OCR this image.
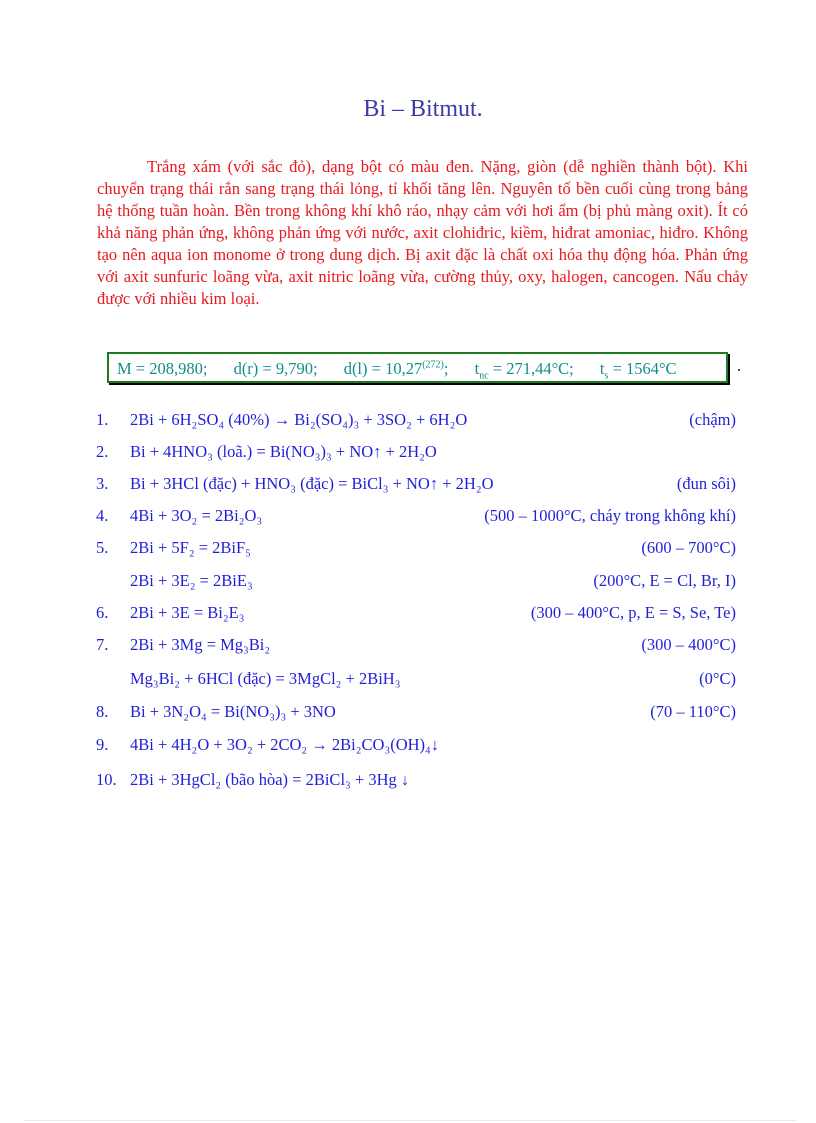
Bi – Bitmut.

Trắng xám (với sắc đỏ), dạng bột có màu đen. Nặng, giòn (dễ nghiền thành bột). Khi chuyển trạng thái rắn sang trạng thái lỏng, tỉ khối tăng lên. Nguyên tố bền cuối cùng trong bảng hệ thống tuần hoàn. Bền trong không khí khô ráo, nhạy cảm với hơi ẩm (bị phủ màng oxit). Ít có khả năng phản ứng, không phản ứng với nước, axit clohiđric, kiềm, hiđrat amoniac, hiđro. Không tạo nên aqua ion monome ở trong dung dịch. Bị axit đặc là chất oxi hóa thụ động hóa. Phản ứng với axit sunfuric loãng vừa, axit nitric loãng vừa, cường thủy, oxy, halogen, cancogen. Nấu chảy được với nhiều kim loại.

M = 208,980; d(r) = 9,790; $d(l) = 10,27^{(272)}$; $t_{nc} = 271,44^\circ C$; $t_s = 1564^\circ C$	.
1. 2Bi + 6H₂SO₄ (40%) → Bi₂(SO₄)₃ + 3SO₂ + 6H₂O	(chậm)
2. Bi + 4HNO₃ (loã.) = Bi(NO₃)₃ + NO↑ + 2H₂O
3. Bi + 3HCl (đặc) + HNO₃ (đặc) = BiCl₃ + NO↑ + 2H₂O	(đun sôi)
4. 4Bi + 3O₂ = 2Bi₂O₃	(500 – 1000°C, cháy trong không khí)
5. 2Bi + 5F₂ = 2BiF₅	(600 – 700°C)
2Bi + 3E₂ = 2BiE₃	(200°C, E = Cl, Br, I)
6. 2Bi + 3E = Bi₂E₃	(300 – 400°C, p, E = S, Se, Te)
7. 2Bi + 3Mg = Mg₃Bi₂	(300 – 400°C)
Mg₃Bi₂ + 6HCl (đặc) = 3MgCl₂ + 2BiH₃	(0°C)
8. Bi + 3N₂O₄ = Bi(NO₃)₃ + 3NO	(70 – 110°C)
9. 4Bi + 4H₂O + 3O₂ + 2CO₂ → 2Bi₂CO₃(OH)₄↓
10. 2Bi + 3HgCl₂ (bão hòa) = 2BiCl₃ + 3Hg ↓
